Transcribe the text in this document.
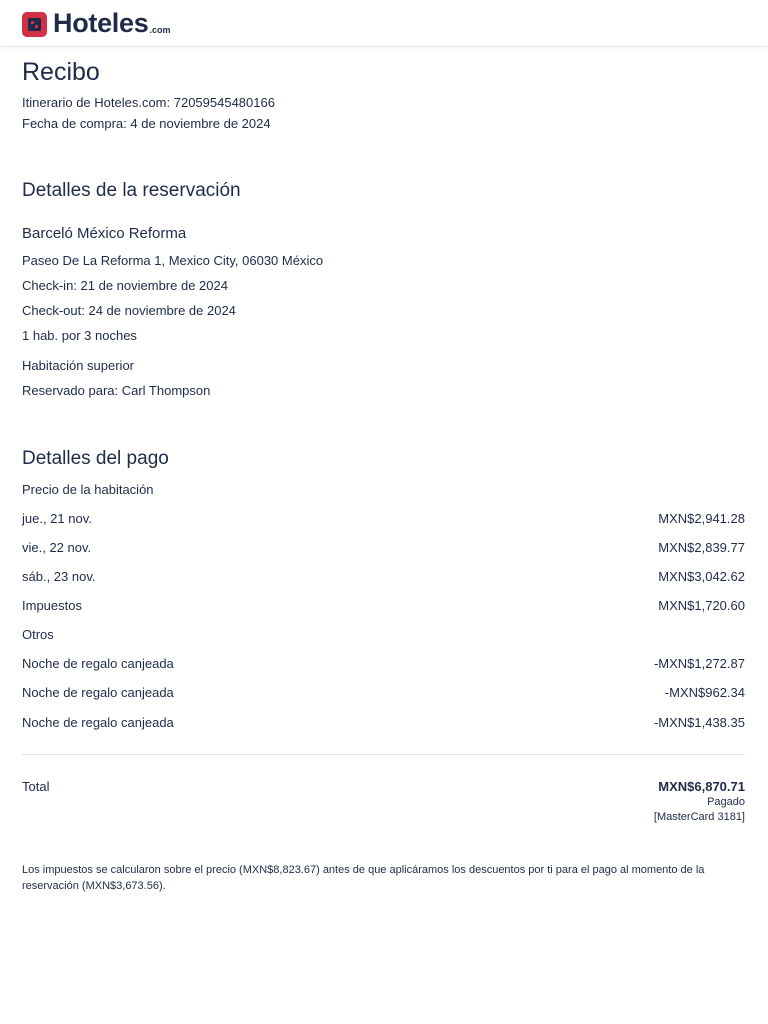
Hoteles .com
Recibo
Itinerario de Hoteles.com: 72059545480166
Fecha de compra: 4 de noviembre de 2024
Detalles de la reservación
Barceló México Reforma
Paseo De La Reforma 1, Mexico City, 06030 México
Check-in: 21 de noviembre de 2024
Check-out: 24 de noviembre de 2024
1 hab. por 3 noches
Habitación superior
Reservado para: Carl Thompson
Detalles del pago
Precio de la habitación
jue., 21 nov.	MXN$2,941.28
vie., 22 nov.	MXN$2,839.77
sáb., 23 nov.	MXN$3,042.62
Impuestos	MXN$1,720.60
Otros
Noche de regalo canjeada	-MXN$1,272.87
Noche de regalo canjeada	-MXN$962.34
Noche de regalo canjeada	-MXN$1,438.35
Total	MXN$6,870.71
Pagado
[MasterCard 3181]
Los impuestos se calcularon sobre el precio (MXN$8,823.67) antes de que aplicáramos los descuentos por ti para el pago al momento de la reservación (MXN$3,673.56).
